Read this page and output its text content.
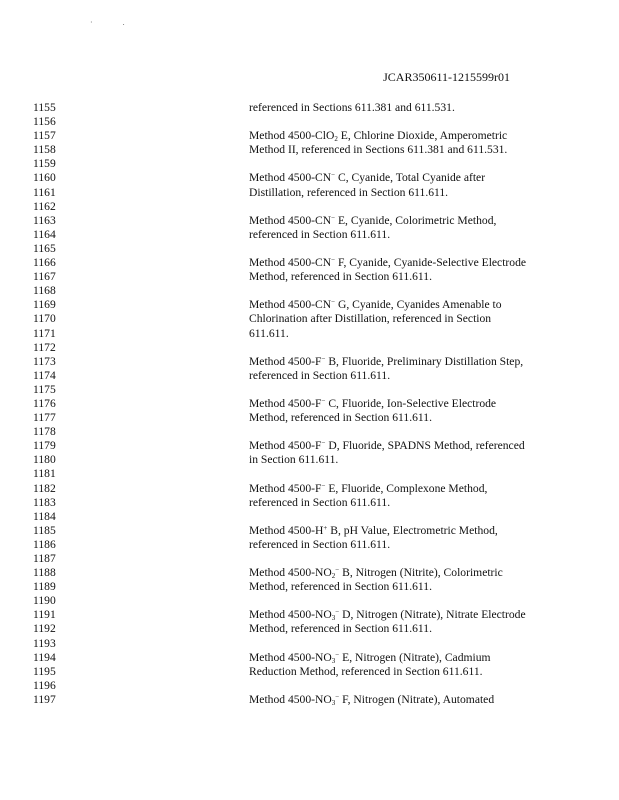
· .
JCAR350611-1215599r01
1155	referenced in Sections 611.381 and 611.531.
1156
1157	Method 4500-ClO$_2$ E, Chlorine Dioxide, Amperometric
1158	Method II, referenced in Sections 611.381 and 611.531.
1159
1160	Method 4500-CN− C, Cyanide, Total Cyanide after
1161	Distillation, referenced in Section 611.611.
1162
1163	Method 4500-CN− E, Cyanide, Colorimetric Method,
1164	referenced in Section 611.611.
1165
1166	Method 4500-CN− F, Cyanide, Cyanide-Selective Electrode
1167	Method, referenced in Section 611.611.
1168
1169	Method 4500-CN− G, Cyanide, Cyanides Amenable to
1170	Chlorination after Distillation, referenced in Section
1171	611.611.
1172
1173	Method 4500-F− B, Fluoride, Preliminary Distillation Step,
1174	referenced in Section 611.611.
1175
1176	Method 4500-F− C, Fluoride, Ion-Selective Electrode
1177	Method, referenced in Section 611.611.
1178
1179	Method 4500-F− D, Fluoride, SPADNS Method, referenced
1180	in Section 611.611.
1181
1182	Method 4500-F− E, Fluoride, Complexone Method,
1183	referenced in Section 611.611.
1184
1185	Method 4500-H+ B, pH Value, Electrometric Method,
1186	referenced in Section 611.611.
1187
1188	Method $4500-NO_2^-$ B, Nitrogen (Nitrite), Colorimetric
1189	Method, referenced in Section 611.611.
1190
1191	Method $4500-NO_3^-$ D, Nitrogen (Nitrate), Nitrate Electrode
1192	Method, referenced in Section 611.611.
1193
1194	Method $4500-NO_3^-$ E, Nitrogen (Nitrate), Cadmium
1195	Reduction Method, referenced in Section 611.611.
1196
1197	Method $4500-NO_3^-$ F, Nitrogen (Nitrate), Automated
